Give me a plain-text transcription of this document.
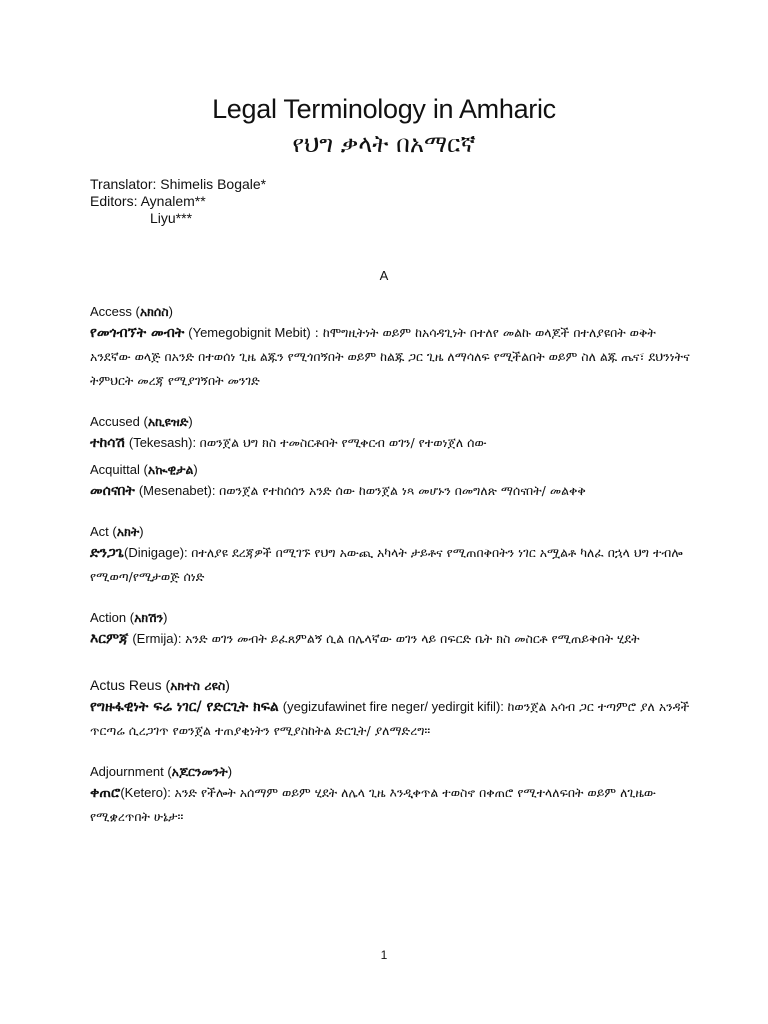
Legal Terminology in Amharic
የህግ ቃላት በአማርኛ
Translator: Shimelis Bogale*
Editors: Aynalem**
Liyu***
A
Access (አክሰስ)
የመጎብኘት መብት (Yemegobignit Mebit) : ከሞግዚትነት ወይም ከአሳዳጊነት በተለየ መልኩ ወላጆች በተለያዩበት ወቅት አንደኛው ወላጅ በአንድ በተወሰነ ጊዜ ልጁን የሚጎበኝበት ወይም ከልጁ ጋር ጊዜ ለማሳለፍ የሚችልበት ወይም ስለ ልጁ ጤና፣ ደህንነትና ትምህርት መረጃ የሚያገኝበት መንገድ
Accused (አኪዩዝድ)
ተከሳሽ (Tekesash): በወንጀል ህግ ክስ ተመስርቶበት የሚቀርብ ወገን/ የተወነጀለ ሰው
Acquittal (አኲዊታል)
መሰናበት (Mesenabet): በወንጀል የተከሰሰን አንድ ሰው ከወንጀል ነጻ መሆኑን በመግለጽ ማሰናበት/ መልቀቅ
Act (አክት)
ድንጋጌ(Dinigage): በተለያዩ ደረጃዎች በሚገኙ የህግ አውጪ አካላት ታይቶና የሚጠበቅበትን ነገር አሟልቶ ካለፈ በኋላ ህግ ተብሎ የሚወጣ/የሚታወጅ ሰነድ
Action (አክሽን)
እርምጃ (Ermija): አንድ ወገን መብት ይፈጸምልኝ ሲል በሌላኛው ወገን ላይ በፍርድ ቤት ክስ መስርቶ የሚጠይቅበት ሂደት
Actus Reus (አክተስ ሪዩስ)
የግዙፋዊነት ፍሬ ነገር/ የድርጊት ክፍል (yegizufawinet fire neger/ yedirgit kifil): ከወንጀል አሳብ ጋር ተጣምሮ ያለ አንዳች ጥርጣሬ ሲረጋገጥ የወንጀል ተጠያቂነትን የሚያስከትል ድርጊት/ ያለማድረግ።
Adjournment (አጆርንመንት)
ቀጠሮ(Ketero): አንድ የችሎት አሰማም ወይም ሂደት ለሌላ ጊዜ እንዲቀጥል ተወስኖ በቀጠሮ የሚተላለፍበት ወይም ለጊዜው የሚቋረጥበት ሁኔታ።
1
